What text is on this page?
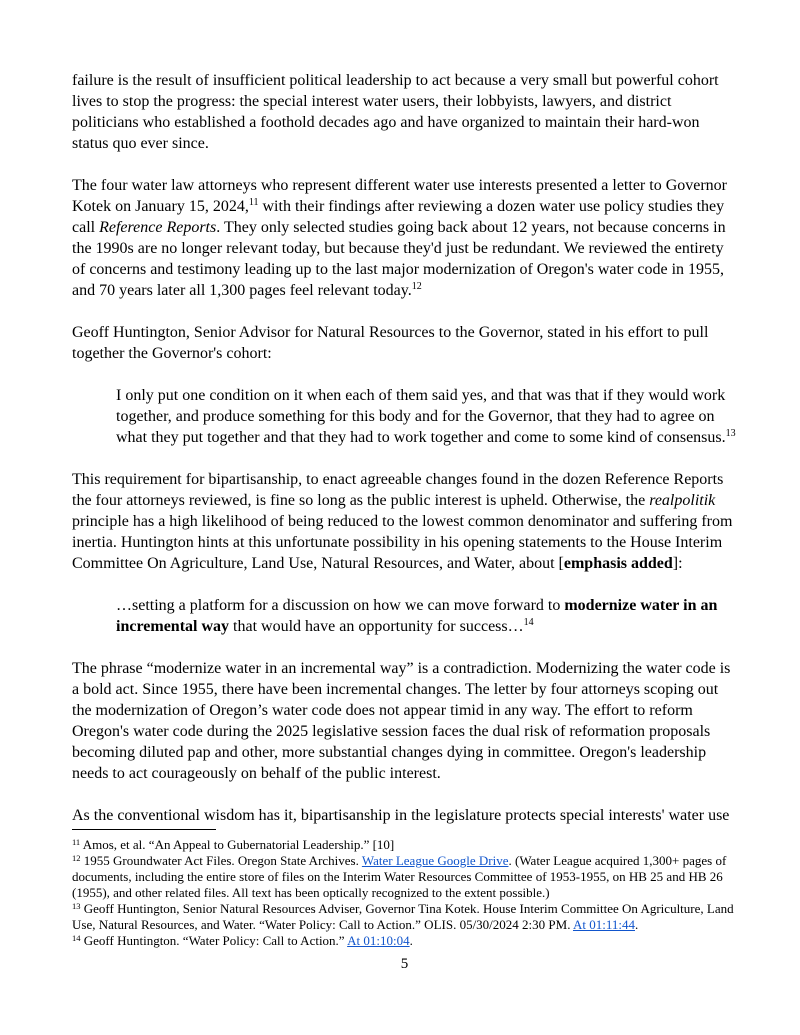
failure is the result of insufficient political leadership to act because a very small but powerful cohort lives to stop the progress: the special interest water users, their lobbyists, lawyers, and district politicians who established a foothold decades ago and have organized to maintain their hard-won status quo ever since.
The four water law attorneys who represent different water use interests presented a letter to Governor Kotek on January 15, 2024,11 with their findings after reviewing a dozen water use policy studies they call Reference Reports. They only selected studies going back about 12 years, not because concerns in the 1990s are no longer relevant today, but because they'd just be redundant. We reviewed the entirety of concerns and testimony leading up to the last major modernization of Oregon's water code in 1955, and 70 years later all 1,300 pages feel relevant today.$^{12}$
Geoff Huntington, Senior Advisor for Natural Resources to the Governor, stated in his effort to pull together the Governor's cohort:
I only put one condition on it when each of them said yes, and that was that if they would work together, and produce something for this body and for the Governor, that they had to agree on what they put together and that they had to work together and come to some kind of consensus.$^{13}$
This requirement for bipartisanship, to enact agreeable changes found in the dozen Reference Reports the four attorneys reviewed, is fine so long as the public interest is upheld. Otherwise, the realpolitik principle has a high likelihood of being reduced to the lowest common denominator and suffering from inertia. Huntington hints at this unfortunate possibility in his opening statements to the House Interim Committee On Agriculture, Land Use, Natural Resources, and Water, about [emphasis added]:
…setting a platform for a discussion on how we can move forward to modernize water in an incremental way that would have an opportunity for success…$^{14}$
The phrase “modernize water in an incremental way” is a contradiction. Modernizing the water code is a bold act. Since 1955, there have been incremental changes. The letter by four attorneys scoping out the modernization of Oregon’s water code does not appear timid in any way. The effort to reform Oregon's water code during the 2025 legislative session faces the dual risk of reformation proposals becoming diluted pap and other, more substantial changes dying in committee. Oregon's leadership needs to act courageously on behalf of the public interest.
As the conventional wisdom has it, bipartisanship in the legislature protects special interests' water use
$^{11}$ Amos, et al. “An Appeal to Gubernatorial Leadership.” [10]
$^{12}$ 1955 Groundwater Act Files. Oregon State Archives. Water League Google Drive. (Water League acquired 1,300+ pages of documents, including the entire store of files on the Interim Water Resources Committee of 1953-1955, on HB 25 and HB 26 (1955), and other related files. All text has been optically recognized to the extent possible.)
$^{13}$ Geoff Huntington, Senior Natural Resources Adviser, Governor Tina Kotek. House Interim Committee On Agriculture, Land Use, Natural Resources, and Water. “Water Policy: Call to Action.” OLIS. 05/30/2024 2:30 PM. At 01:11:44.
$^{14}$ Geoff Huntington. “Water Policy: Call to Action.” At 01:10:04.
5
